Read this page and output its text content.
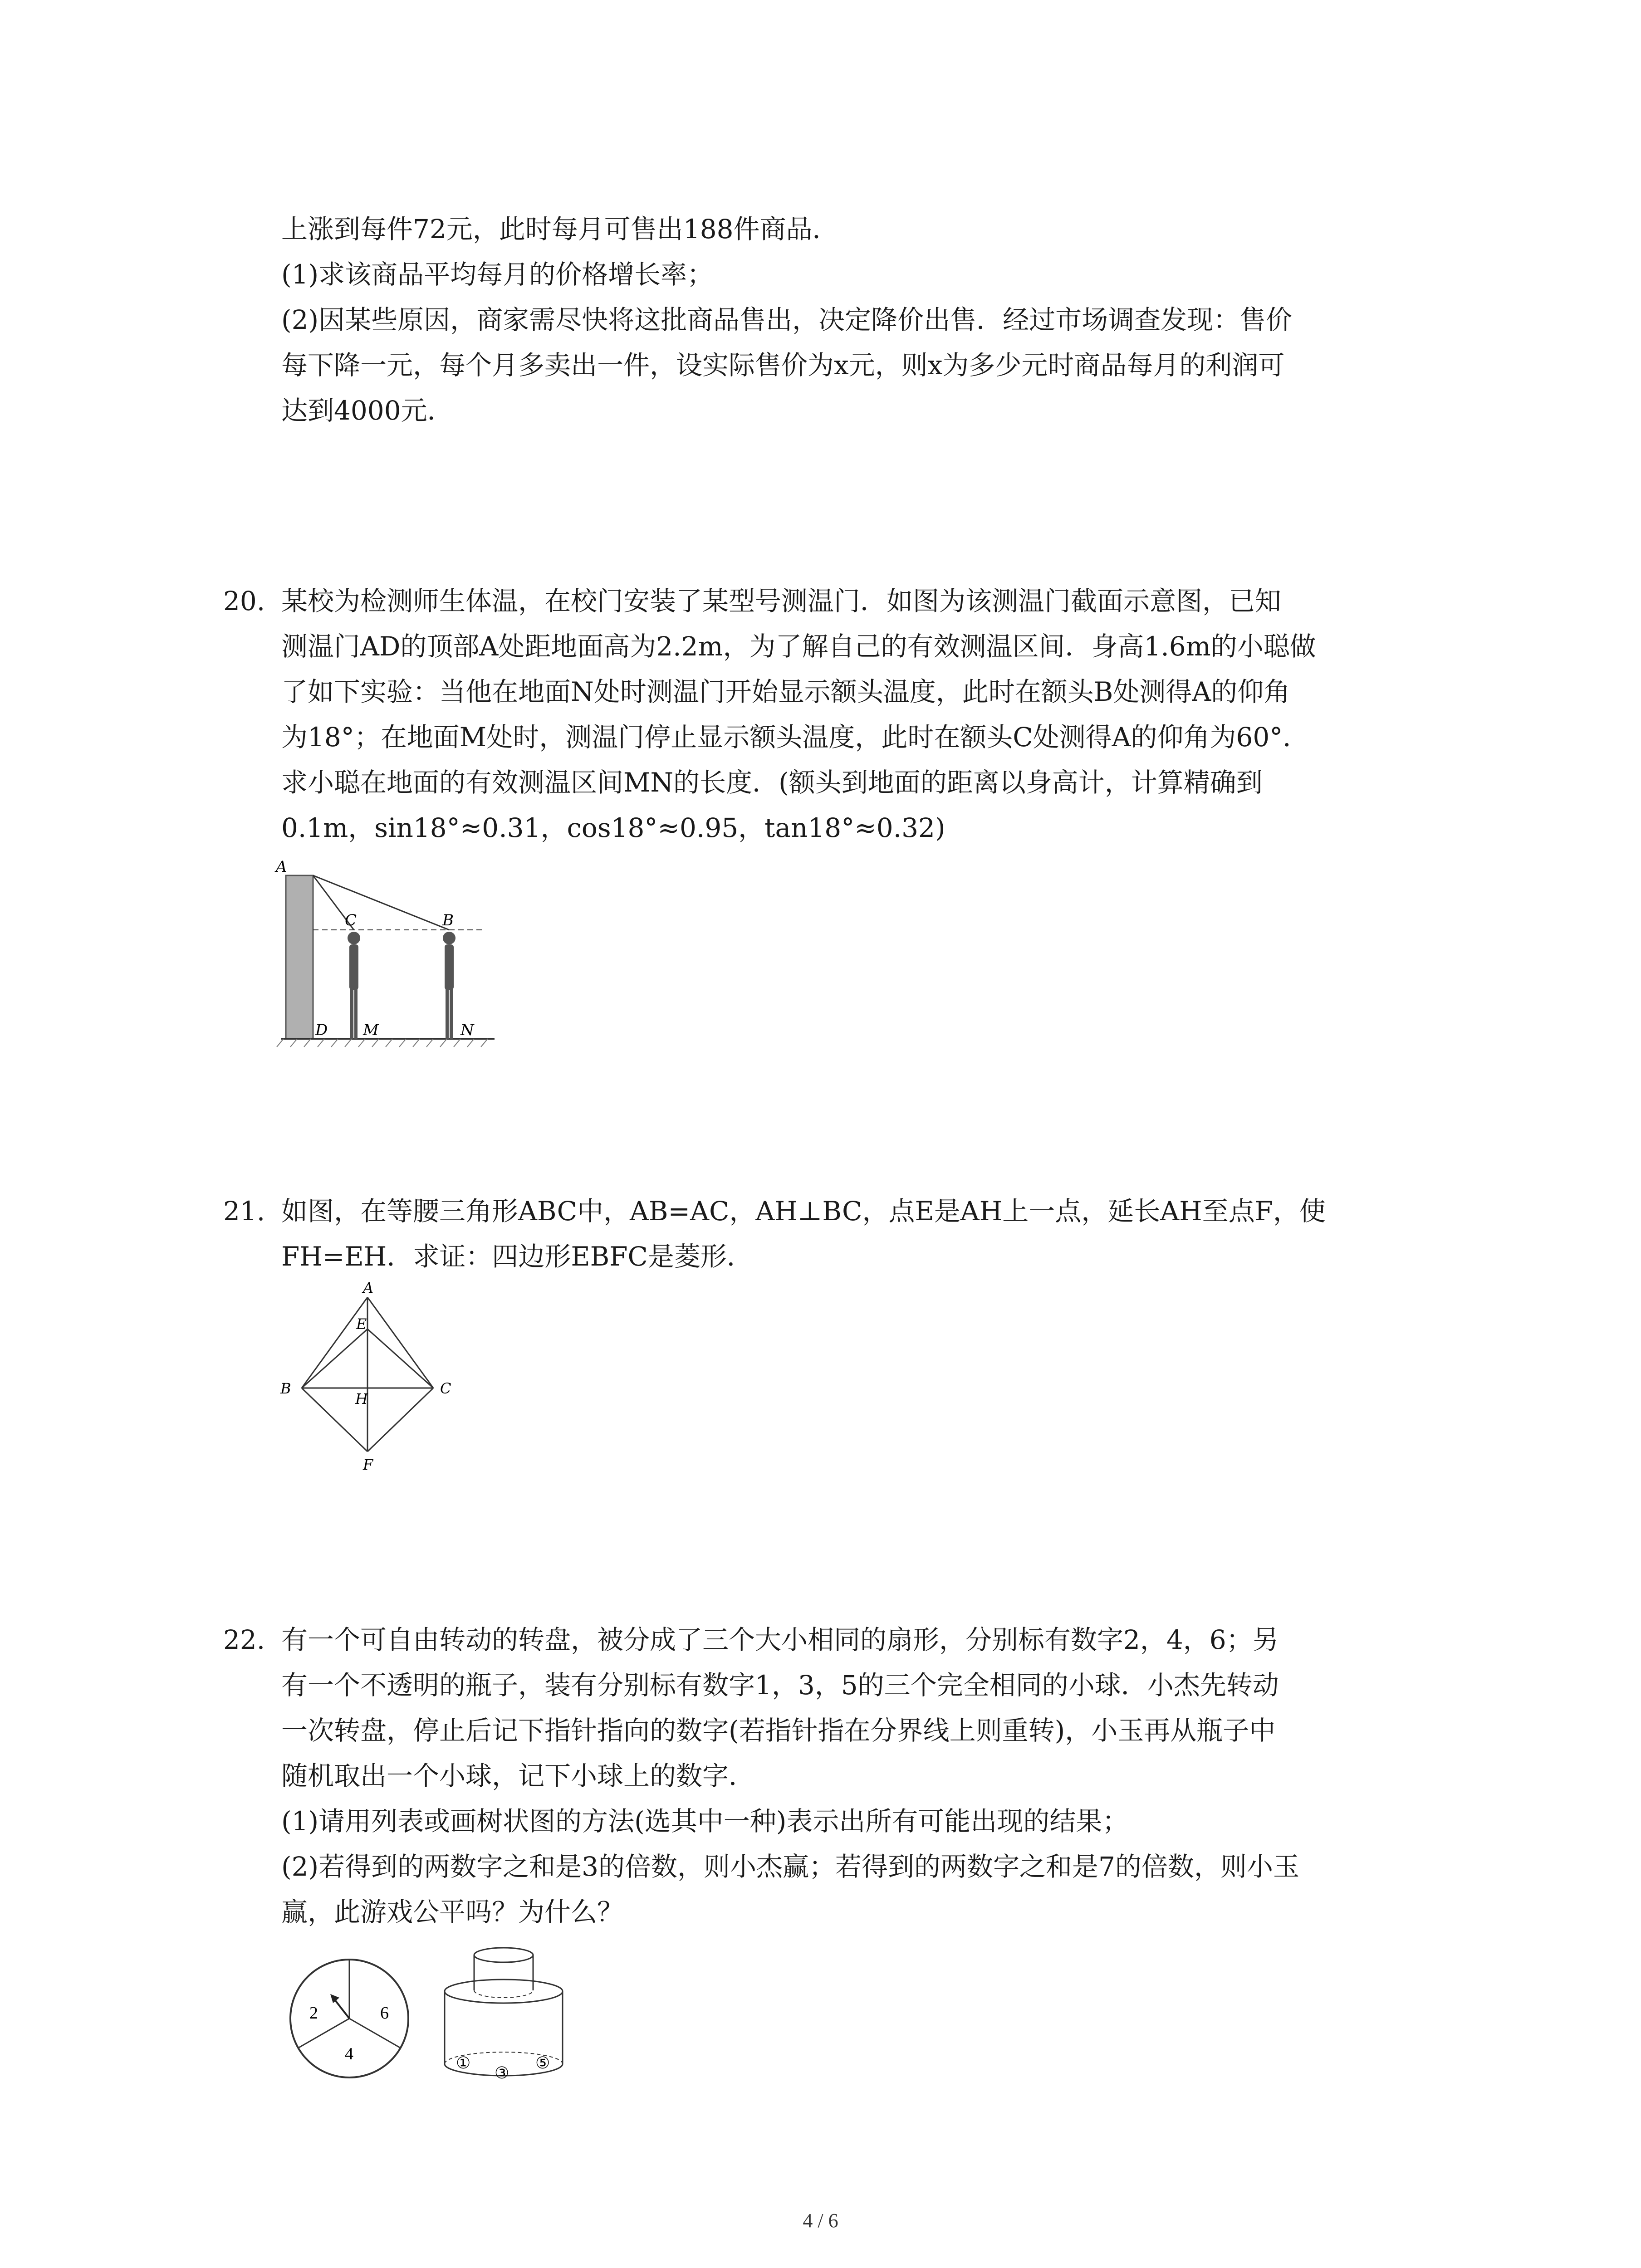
上涨到每件72元，此时每月可售出188件商品．
(1)求该商品平均每月的价格增长率；
(2)因某些原因，商家需尽快将这批商品售出，决定降价出售．经过市场调查发现：售价
每下降一元，每个月多卖出一件，设实际售价为x元，则x为多少元时商品每月的利润可
达到4000元．
20. 某校为检测师生体温，在校门安装了某型号测温门．如图为该测温门截面示意图，已知
测温门AD的顶部A处距地面高为2.2m，为了解自己的有效测温区间．身高1.6m的小聪做
了如下实验：当他在地面N处时测温门开始显示额头温度，此时在额头B处测得A的仰角
为18°；在地面M处时，测温门停止显示额头温度，此时在额头C处测得A的仰角为60°．
求小聪在地面的有效测温区间MN的长度．(额头到地面的距离以身高计，计算精确到
0.1m，sin18°≈0.31，cos18°≈0.95，tan18°≈0.32)
A
C	B
D M	N
21. 如图，在等腰三角形ABC中，AB=AC，AH⊥BC，点E是AH上一点，延长AH至点F，使
FH=EH．求证：四边形EBFC是菱形．
A
E
B
H
C
F
22. 有一个可自由转动的转盘，被分成了三个大小相同的扇形，分别标有数字2，4，6；另
有一个不透明的瓶子，装有分别标有数字1，3，5的三个完全相同的小球．小杰先转动
一次转盘，停止后记下指针指向的数字(若指针指在分界线上则重转)，小玉再从瓶子中
随机取出一个小球，记下小球上的数字．
(1)请用列表或画树状图的方法(选其中一种)表示出所有可能出现的结果；
(2)若得到的两数字之和是3的倍数，则小杰赢；若得到的两数字之和是7的倍数，则小玉
赢，此游戏公平吗？为什么？
2	6
4	①
③
⑤
4 / 6
